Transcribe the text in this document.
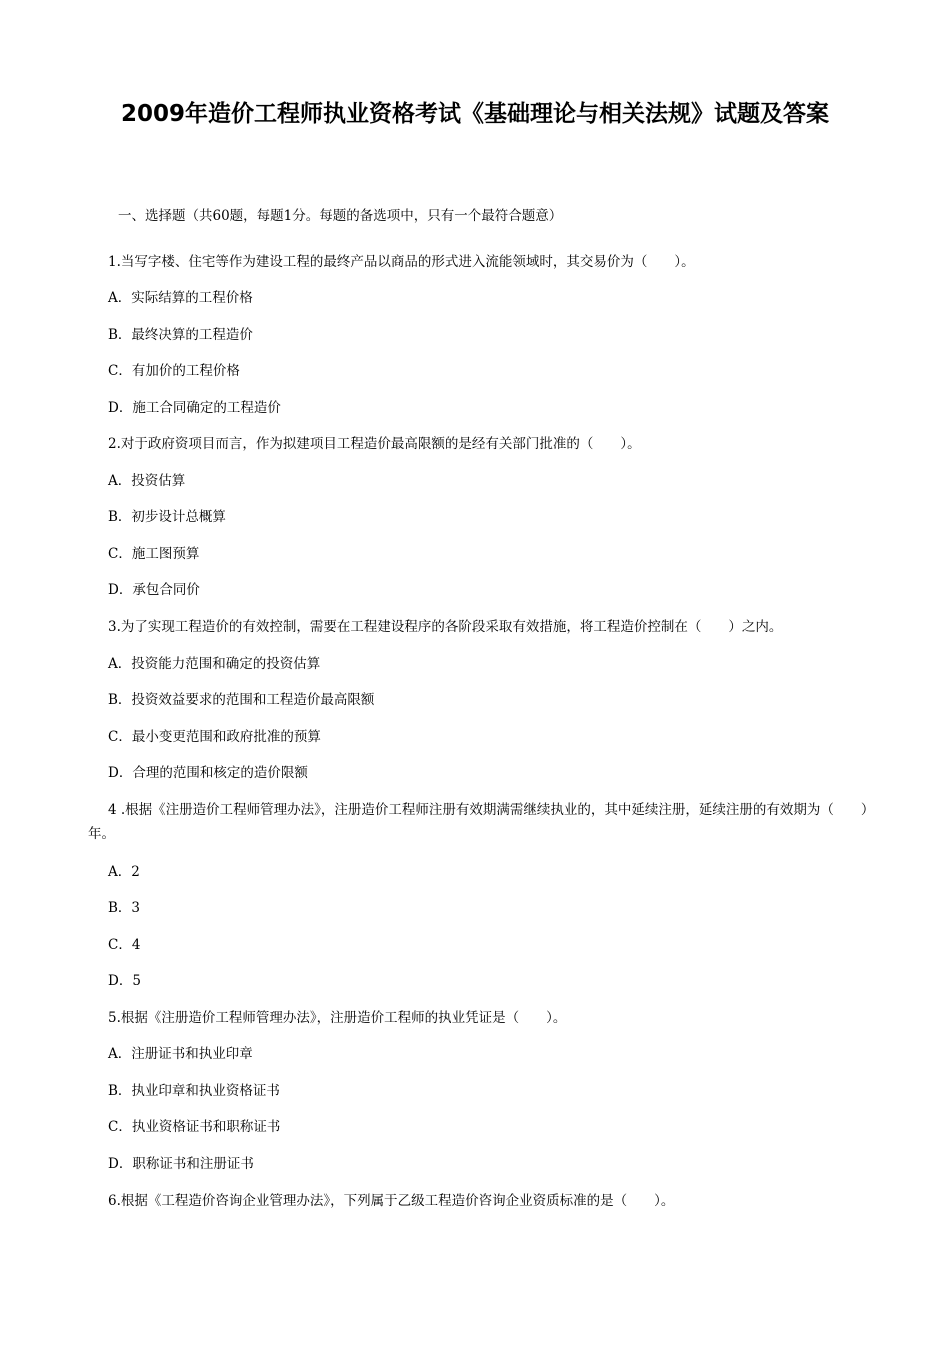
2009年造价工程师执业资格考试《基础理论与相关法规》试题及答案
一、选择题（共60题，每题1分。每题的备选项中，只有一个最符合题意）
1.当写字楼、住宅等作为建设工程的最终产品以商品的形式进入流能领域时，其交易价为（　　）。
A．实际结算的工程价格
B．最终决算的工程造价
C．有加价的工程价格
D．施工合同确定的工程造价
2.对于政府资项目而言，作为拟建项目工程造价最高限额的是经有关部门批准的（　　）。
A．投资估算
B．初步设计总概算
C．施工图预算
D．承包合同价
3.为了实现工程造价的有效控制，需要在工程建设程序的各阶段采取有效措施，将工程造价控制在（　　）之内。
A．投资能力范围和确定的投资估算
B．投资效益要求的范围和工程造价最高限额
C．最小变更范围和政府批准的预算
D．合理的范围和核定的造价限额
4 .根据《注册造价工程师管理办法》，注册造价工程师注册有效期满需继续执业的，其中延续注册，延续注册的有效期为（　　）年。
A．2
B．3
C．4
D．5
5.根据《注册造价工程师管理办法》，注册造价工程师的执业凭证是（　　）。
A．注册证书和执业印章
B．执业印章和执业资格证书
C．执业资格证书和职称证书
D．职称证书和注册证书
6.根据《工程造价咨询企业管理办法》，下列属于乙级工程造价咨询企业资质标准的是（　　）。
